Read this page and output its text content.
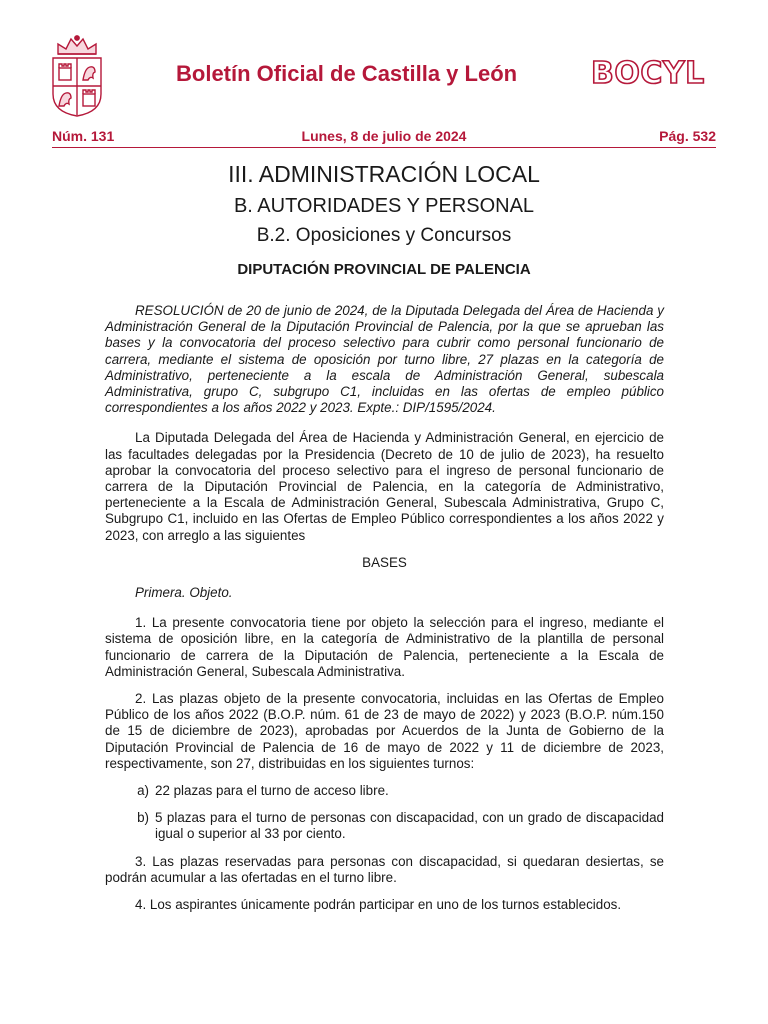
Boletín Oficial de Castilla y León BOCYL
Núm. 131	Lunes, 8 de julio de 2024	Pág. 532
III. ADMINISTRACIÓN LOCAL
B. AUTORIDADES Y PERSONAL
B.2. Oposiciones y Concursos
DIPUTACIÓN PROVINCIAL DE PALENCIA

RESOLUCIÓN de 20 de junio de 2024, de la Diputada Delegada del Área de Hacienda y Administración General de la Diputación Provincial de Palencia, por la que se aprueban las bases y la convocatoria del proceso selectivo para cubrir como personal funcionario de carrera, mediante el sistema de oposición por turno libre, 27 plazas en la categoría de Administrativo, perteneciente a la escala de Administración General, subescala Administrativa, grupo C, subgrupo C1, incluidas en las ofertas de empleo público correspondientes a los años 2022 y 2023. Expte.: DIP/1595/2024.

La Diputada Delegada del Área de Hacienda y Administración General, en ejercicio de las facultades delegadas por la Presidencia (Decreto de 10 de julio de 2023), ha resuelto aprobar la convocatoria del proceso selectivo para el ingreso de personal funcionario de carrera de la Diputación Provincial de Palencia, en la categoría de Administrativo, perteneciente a la Escala de Administración General, Subescala Administrativa, Grupo C, Subgrupo C1, incluido en las Ofertas de Empleo Público correspondientes a los años 2022 y 2023, con arreglo a las siguientes

BASES

Primera. Objeto.

1. La presente convocatoria tiene por objeto la selección para el ingreso, mediante el sistema de oposición libre, en la categoría de Administrativo de la plantilla de personal funcionario de carrera de la Diputación de Palencia, perteneciente a la Escala de Administración General, Subescala Administrativa.

2. Las plazas objeto de la presente convocatoria, incluidas en las Ofertas de Empleo Público de los años 2022 (B.O.P. núm. 61 de 23 de mayo de 2022) y 2023 (B.O.P. núm.150 de 15 de diciembre de 2023), aprobadas por Acuerdos de la Junta de Gobierno de la Diputación Provincial de Palencia de 16 de mayo de 2022 y 11 de diciembre de 2023, respectivamente, son 27, distribuidas en los siguientes turnos:

a) 22 plazas para el turno de acceso libre.
b) 5 plazas para el turno de personas con discapacidad, con un grado de discapacidad igual o superior al 33 por ciento.

3. Las plazas reservadas para personas con discapacidad, si quedaran desiertas, se podrán acumular a las ofertadas en el turno libre.

4. Los aspirantes únicamente podrán participar en uno de los turnos establecidos.
